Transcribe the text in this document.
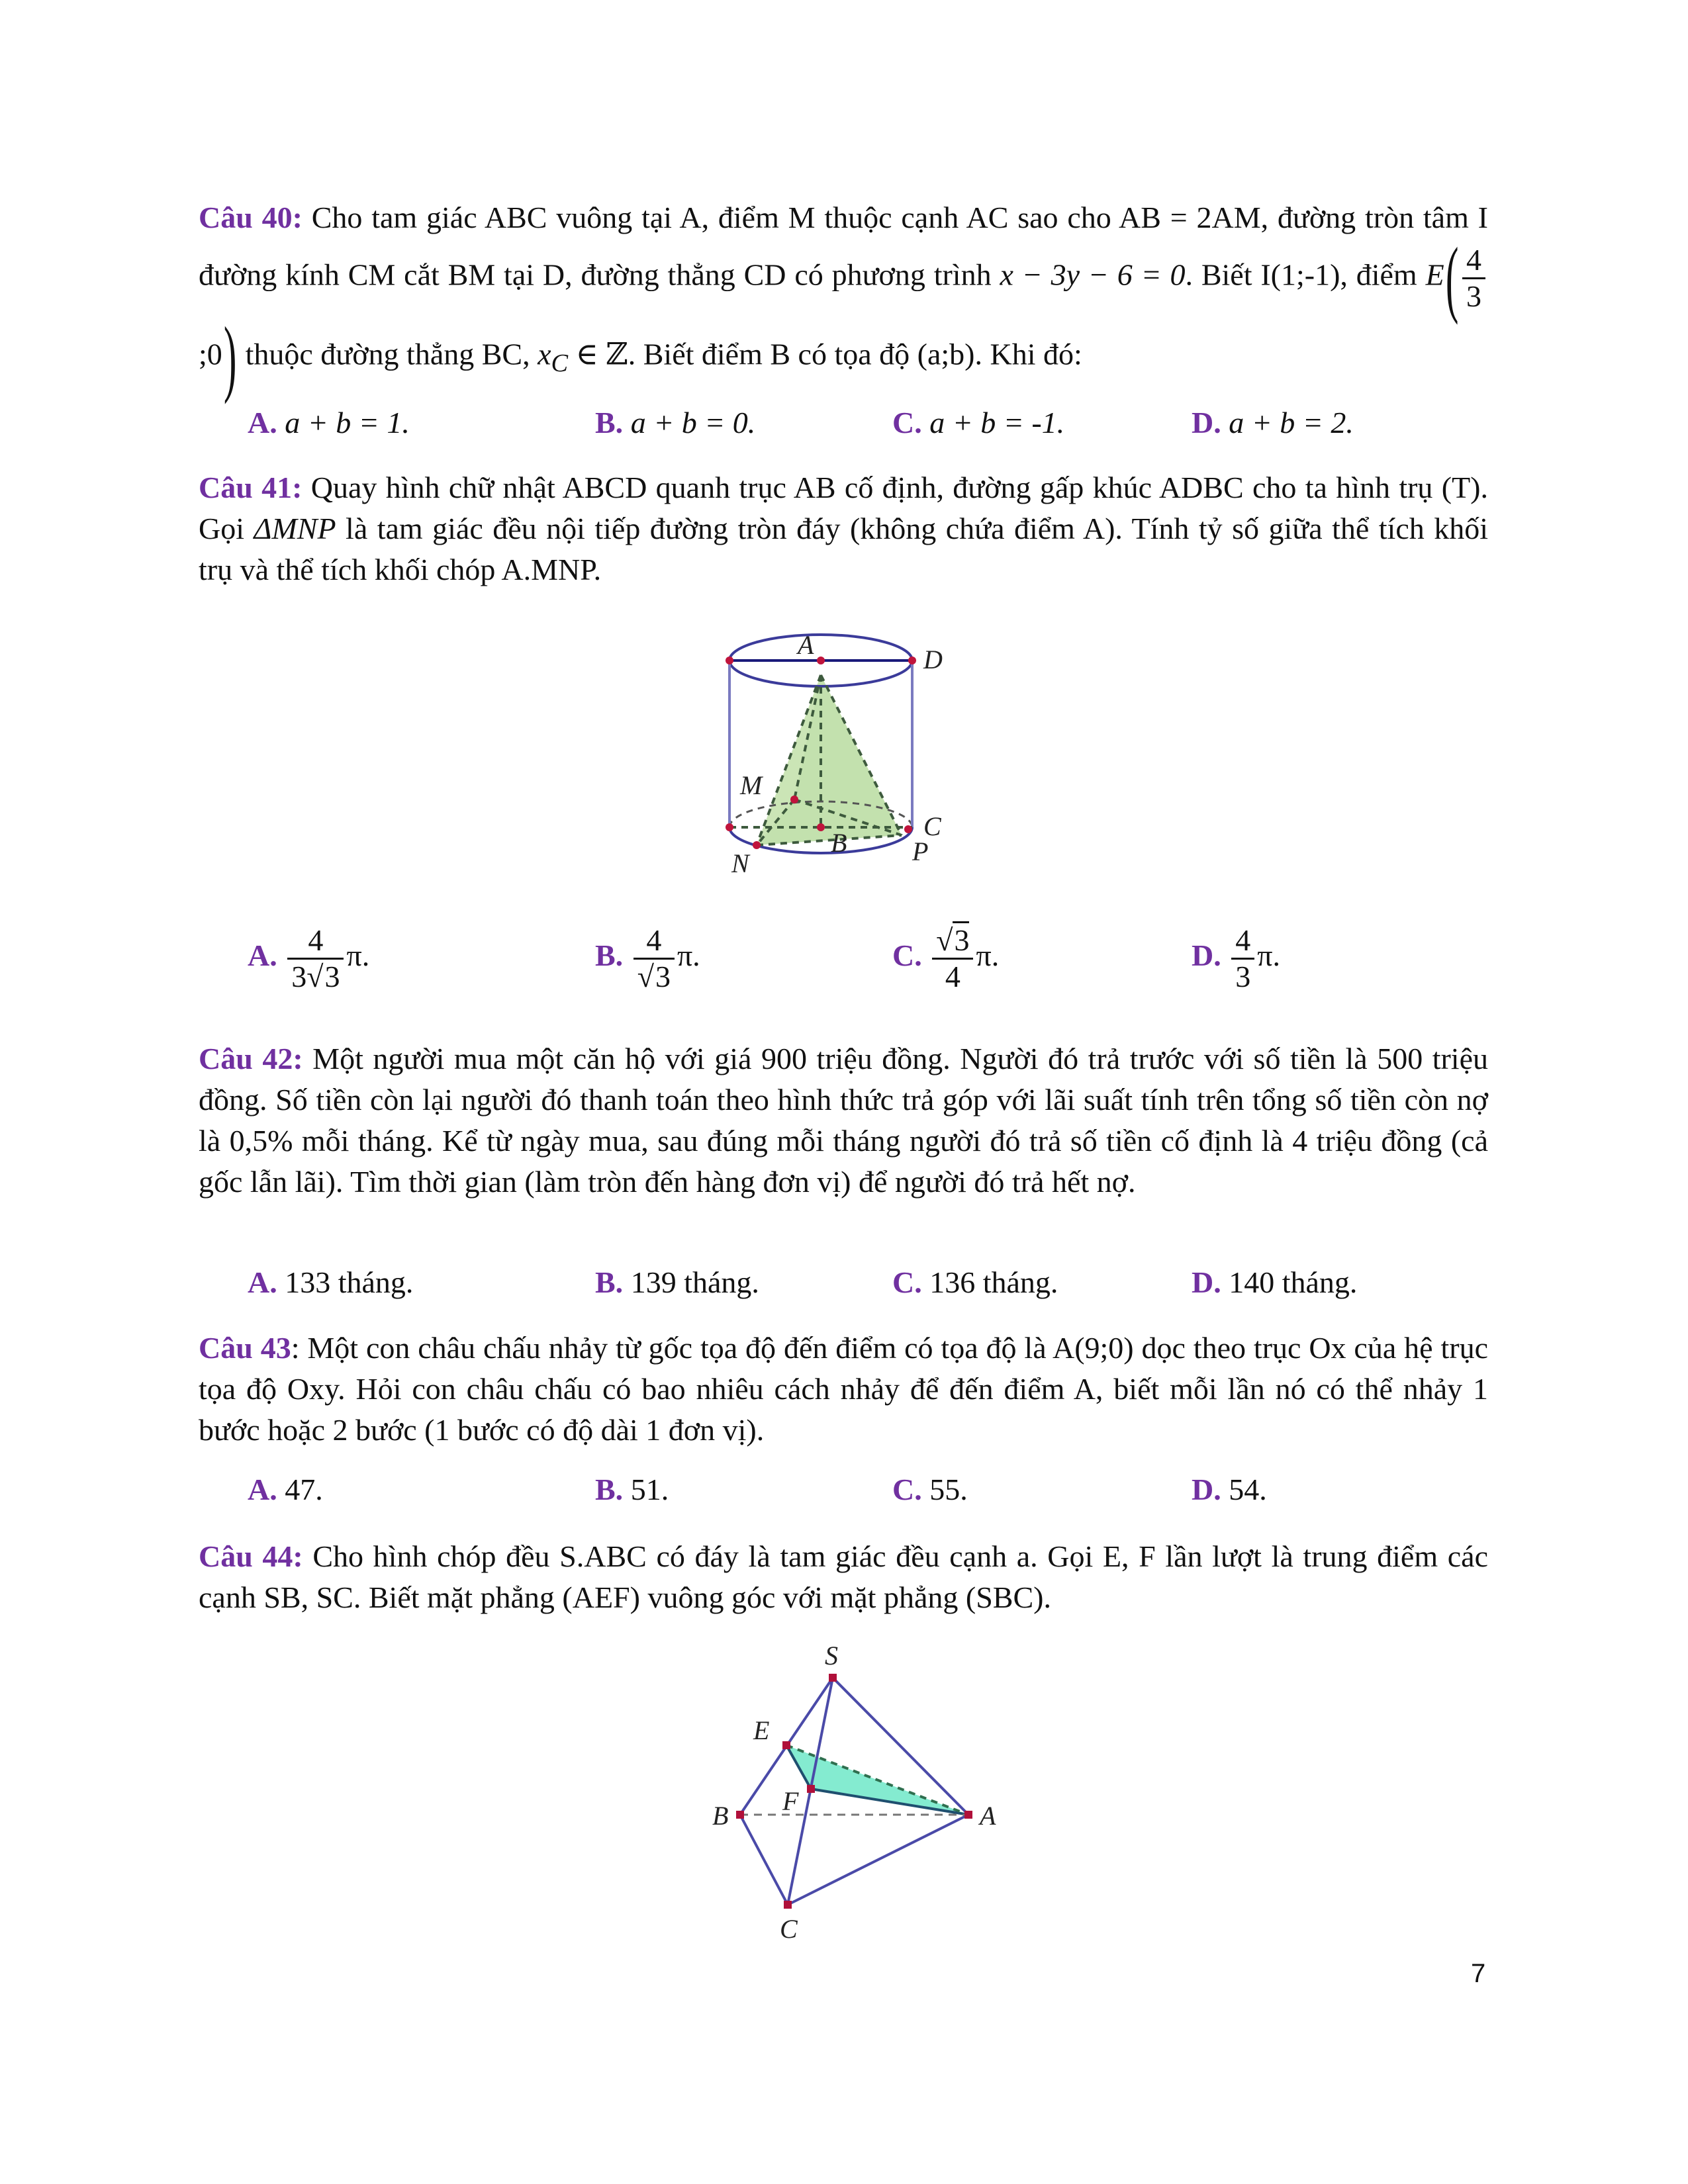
Câu 40: Cho tam giác ABC vuông tại A, điểm M thuộc cạnh AC sao cho AB = 2AM, đường tròn tâm I đường kính CM cắt BM tại D, đường thẳng CD có phương trình x − 3y − 6 = 0. Biết I(1;-1), điểm $E( \frac{4}{3}$
;0) thuộc đường thẳng BC, $x_C$ ∈ ℤ. Biết điểm B có tọa độ (a;b). Khi đó:
A. a + b = 1.	B. a + b = 0.	C. a + b = -1.	D. a + b = 2.
Câu 41: Quay hình chữ nhật ABCD quanh trục AB cố định, đường gấp khúc ADBC cho ta hình trụ (T). Gọi ΔMNP là tam giác đều nội tiếp đường tròn đáy (không chứa điểm A). Tính tỷ số giữa thể tích khối trụ và thể tích khối chóp A.MNP.
A	D
M
B
C
N	P
A. $\frac{4}{3√3} \pi$.	B. $\frac{4}{√3} \pi$.	C. $\frac{√3}{4} \pi$.	D. $\frac{4}{3} \pi$.
Câu 42: Một người mua một căn hộ với giá 900 triệu đồng. Người đó trả trước với số tiền là 500 triệu đồng. Số tiền còn lại người đó thanh toán theo hình thức trả góp với lãi suất tính trên tổng số tiền còn nợ là 0,5% mỗi tháng. Kể từ ngày mua, sau đúng mỗi tháng người đó trả số tiền cố định là 4 triệu đồng (cả gốc lẫn lãi). Tìm thời gian (làm tròn đến hàng đơn vị) để người đó trả hết nợ.
A. 133 tháng.	B. 139 tháng.	C. 136 tháng.	D. 140 tháng.
Câu 43: Một con châu chấu nhảy từ gốc tọa độ đến điểm có tọa độ là A(9;0) dọc theo trục Ox của hệ trục tọa độ Oxy. Hỏi con châu chấu có bao nhiêu cách nhảy để đến điểm A, biết mỗi lần nó có thể nhảy 1 bước hoặc 2 bước (1 bước có độ dài 1 đơn vị).
A. 47.	B. 51.	C. 55.	D. 54.
Câu 44: Cho hình chóp đều S.ABC có đáy là tam giác đều cạnh a. Gọi E, F lần lượt là trung điểm các cạnh SB, SC. Biết mặt phẳng (AEF) vuông góc với mặt phẳng (SBC).
S
E
F
B	A
C
7
